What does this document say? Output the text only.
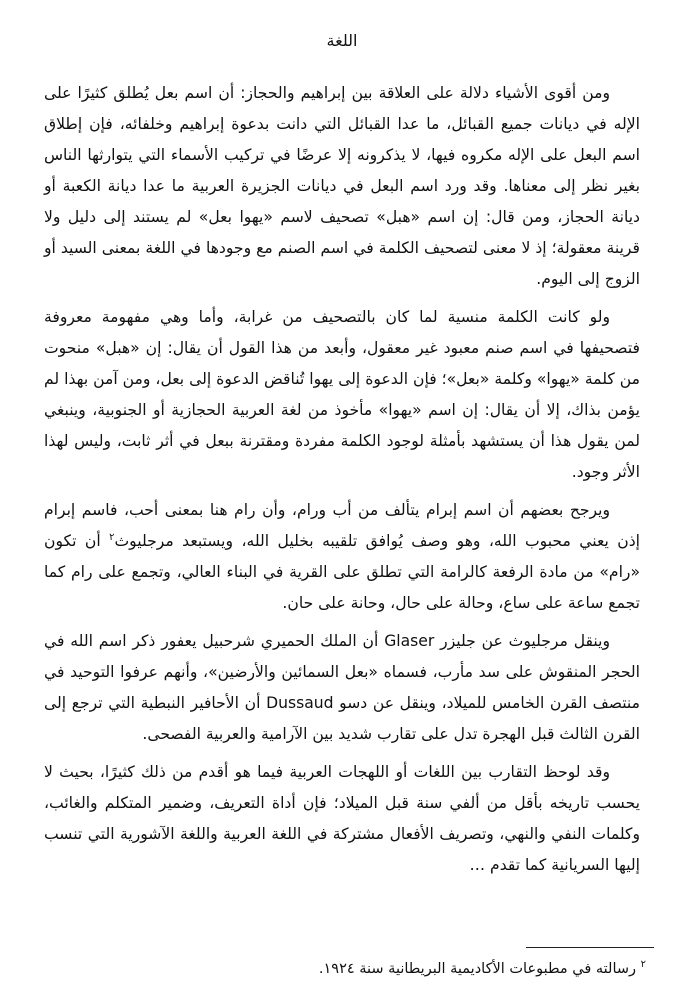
اللغة

ومن أقوى الأشياء دلالة على العلاقة بين إبراهيم والحجاز: أن اسم بعل يُطلق كثيرًا على الإله في ديانات جميع القبائل، ما عدا القبائل التي دانت بدعوة إبراهيم وخلفائه، فإن إطلاق اسم البعل على الإله مكروه فيها، لا يذكرونه إلا عرضًا في تركيب الأسماء التي يتوارثها الناس بغير نظر إلى معناها. وقد ورد اسم البعل في ديانات الجزيرة العربية ما عدا ديانة الكعبة أو ديانة الحجاز، ومن قال: إن اسم «هبل» تصحيف لاسم «يهوا بعل» لم يستند إلى دليل ولا قرينة معقولة؛ إذ لا معنى لتصحيف الكلمة في اسم الصنم مع وجودها في اللغة بمعنى السيد أو الزوج إلى اليوم.

ولو كانت الكلمة منسية لما كان بالتصحيف من غرابة، وأما وهي مفهومة معروفة فتصحيفها في اسم صنم معبود غير معقول، وأبعد من هذا القول أن يقال: إن «هبل» منحوت من كلمة «يهوا» وكلمة «بعل»؛ فإن الدعوة إلى يهوا تُناقض الدعوة إلى بعل، ومن آمن بهذا لم يؤمن بذاك، إلا أن يقال: إن اسم «يهوا» مأخوذ من لغة العربية الحجازية أو الجنوبية، وينبغي لمن يقول هذا أن يستشهد بأمثلة لوجود الكلمة مفردة ومقترنة ببعل في أثر ثابت، وليس لهذا الأثر وجود.

ويرجح بعضهم أن اسم إبرام يتألف من أب ورام، وأن رام هنا بمعنى أحب، فاسم إبرام إذن يعني محبوب الله، وهو وصف يُوافق تلقيبه بخليل الله، ويستبعد مرجليوث$^٢$ أن تكون «رام» من مادة الرفعة كالرامة التي تطلق على القرية في البناء العالي، وتجمع على رام كما تجمع ساعة على ساع، وحالة على حال، وحانة على حان.

وينقل مرجليوث عن جليزر Glaser أن الملك الحميري شرحبيل يعفور ذكر اسم الله في الحجر المنقوش على سد مأرب، فسماه «بعل السمائين والأرضين»، وأنهم عرفوا التوحيد في منتصف القرن الخامس للميلاد، وينقل عن دسو Dussaud أن الأحافير النبطية التي ترجع إلى القرن الثالث قبل الهجرة تدل على تقارب شديد بين الآرامية والعربية الفصحى.

وقد لوحظ التقارب بين اللغات أو اللهجات العربية فيما هو أقدم من ذلك كثيرًا، بحيث لا يحسب تاريخه بأقل من ألفي سنة قبل الميلاد؛ فإن أداة التعريف، وضمير المتكلم والغائب، وكلمات النفي والنهي، وتصريف الأفعال مشتركة في اللغة العربية واللغة الآشورية التي تنسب إليها السريانية كما تقدم …

$^٢$ رسالته في مطبوعات الأكاديمية البريطانية سنة ١٩٢٤.
